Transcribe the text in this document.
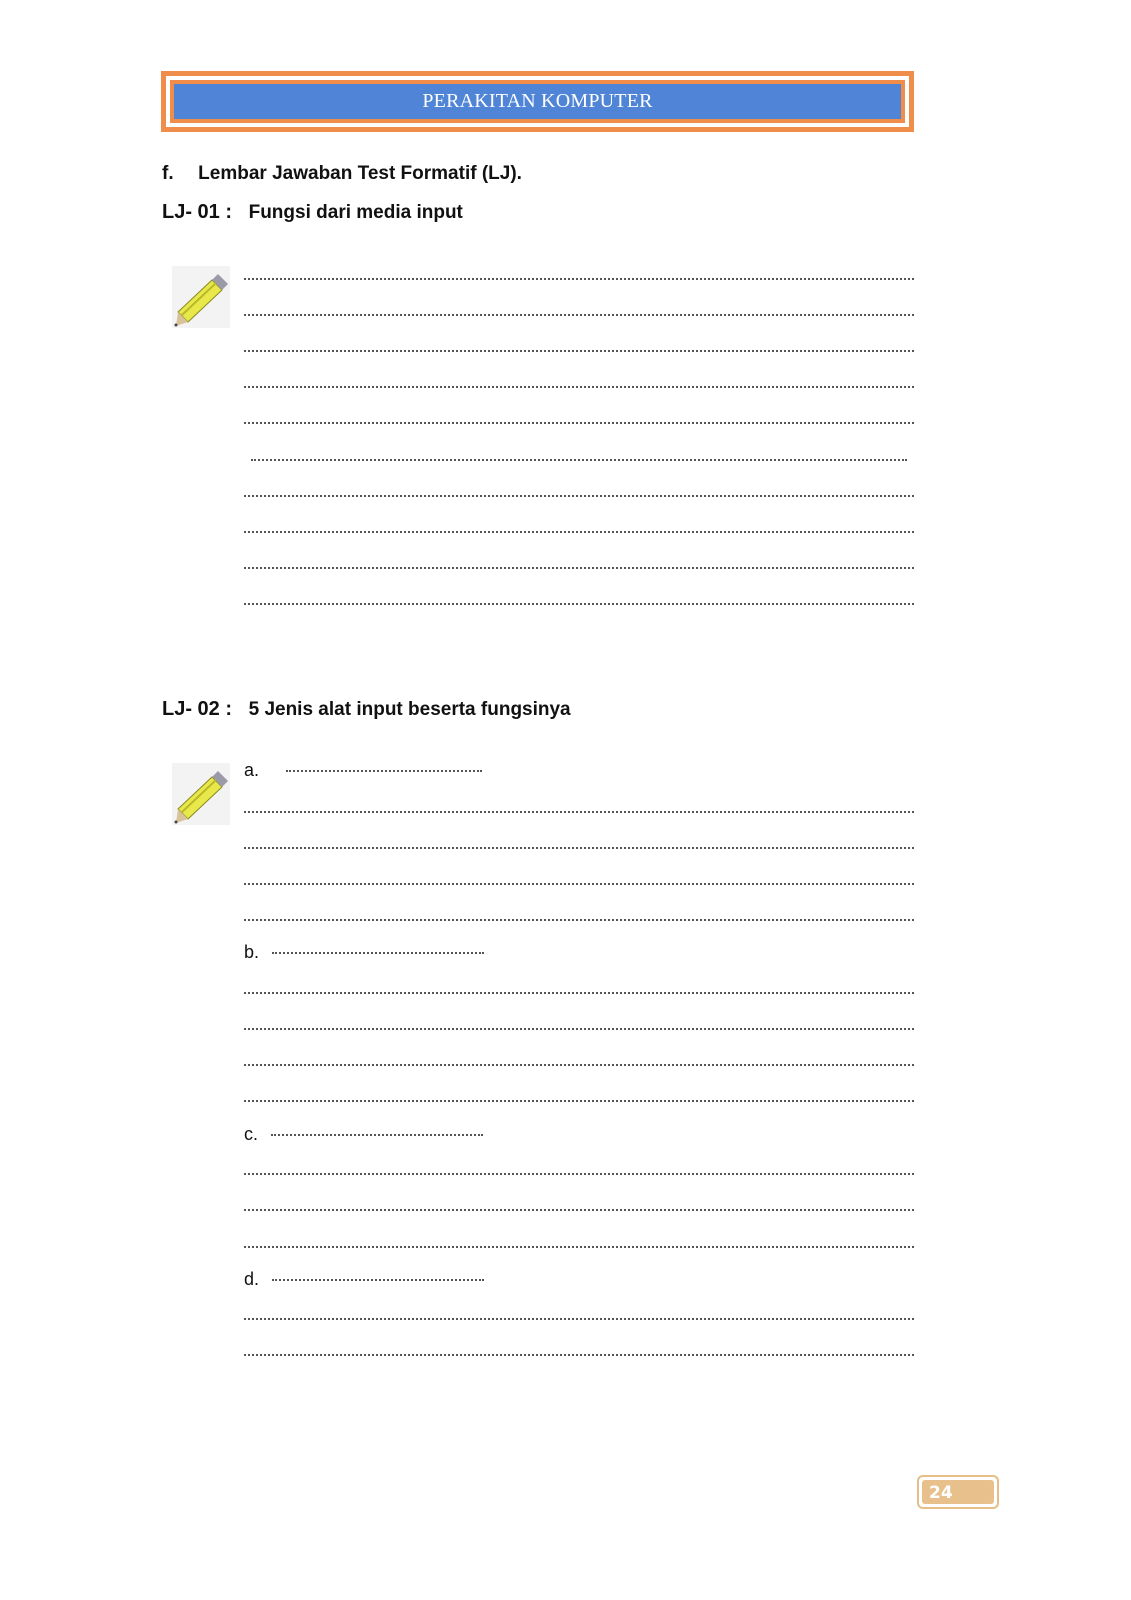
PERAKITAN KOMPUTER
f. Lembar Jawaban Test Formatif (LJ).
LJ- 01 : Fungsi dari media input
LJ- 02 : 5 Jenis alat input beserta fungsinya
a.
b.
c.
d.
24
